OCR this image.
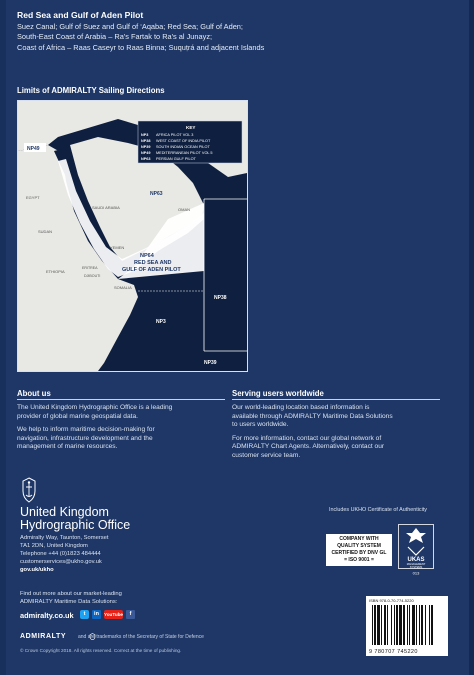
Red Sea and Gulf of Aden Pilot
Suez Canal; Gulf of Suez and Gulf of ‘Aqaba; Red Sea; Gulf of Aden;
South-East Coast of Arabia – Ra's Fartak to Ra's al Junayz;
Coast of Africa – Raas Caseyr to Raas Binna; Suquṭrá and adjacent Islands
Limits of ADMIRALTY Sailing Directions
KEY
NP3 AFRICA PILOT VOL 3
NP38 WEST COAST OF INDIA PILOT
NP39 SOUTH INDIAN OCEAN PILOT
NP49 MEDITERRANEAN PILOT VOL 5
NP63 PERSIAN GULF PILOT
NP49
NP63
NP64
RED SEA AND
GULF OF ADEN PILOT
NP38
NP3
NP39
EGYPT
SAUDI ARABIA	OMAN
SUDAN
YEMEN
ERITREA
DJIBOUTI
ETHIOPIA
SOMALIA
About us
The United Kingdom Hydrographic Office is a leading
provider of global marine geospatial data.
We help to inform maritime decision-making for
navigation, infrastructure development and the
management of marine resources.
Serving users worldwide
Our world-leading location based information is
available through ADMIRALTY Maritime Data Solutions
to users worldwide.
For more information, contact our global network of
ADMIRALTY Chart Agents. Alternatively, contact our
customer service team.
United Kingdom
Hydrographic Office
Admiralty Way, Taunton, Somerset
TA1 2DN, United Kingdom
Telephone +44 (0)1823 484444
customerservices@ukho.gov.uk
gov.uk/ukho
Find out more about our market-leading
ADMIRALTY Maritime Data Solutions:
admiralty.co.uk	t	in	YouTube	f
ADMIRALTY and are trademarks of the Secretary of State for Defence
© Crown Copyright 2018. All rights reserved. Correct at the time of publishing.
Includes UKHO Certificate of Authenticity
COMPANY WITH
QUALITY SYSTEM
CERTIFIED BY DNV GL
= ISO 9001 =	UKAS
MANAGEMENT
SYSTEMS
013
ISBN 978-0-70-774-5220
9 780707 745220
